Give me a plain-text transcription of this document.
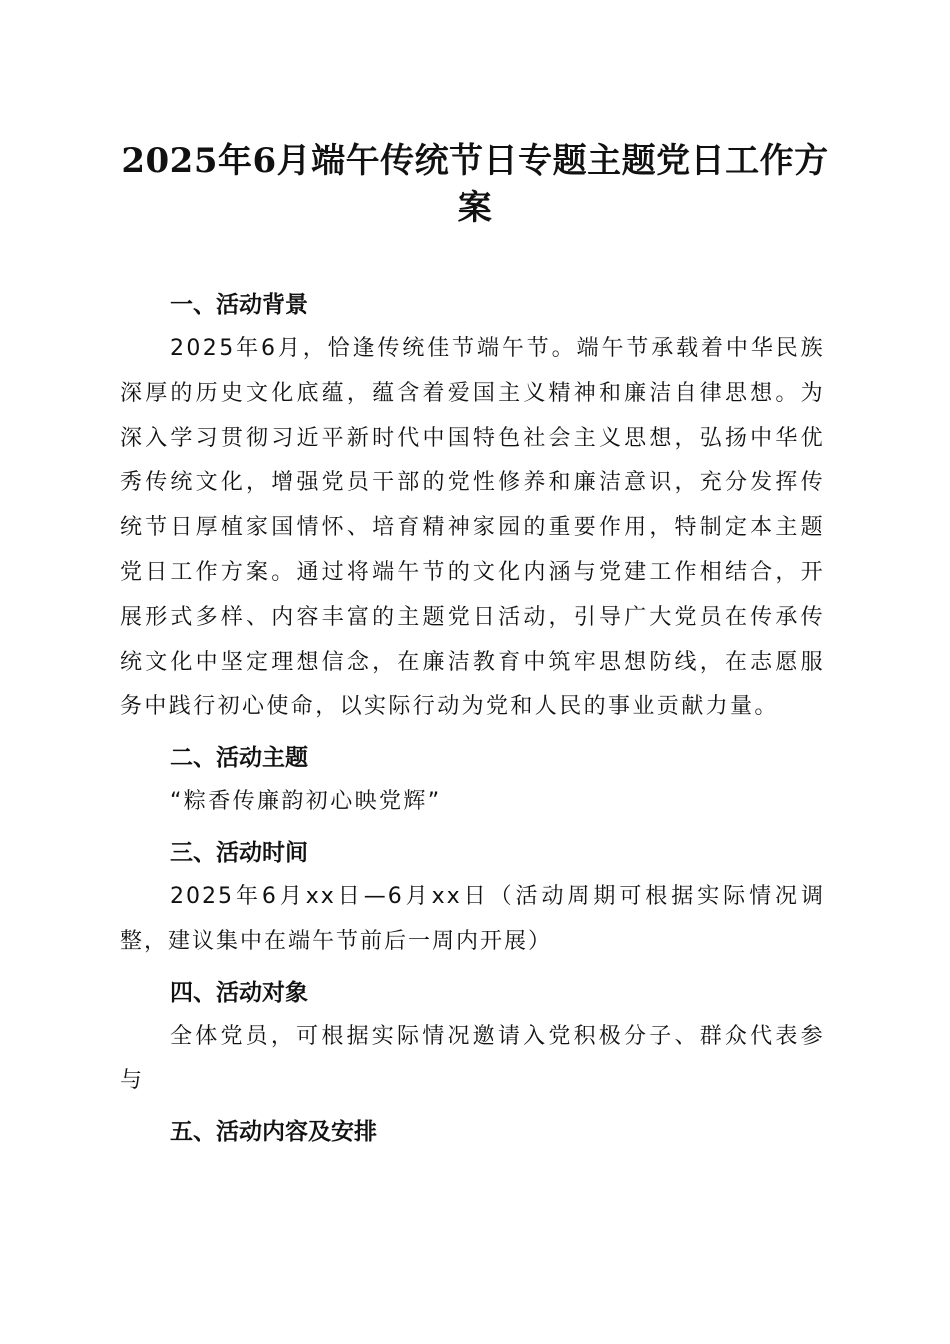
2025年6月端午传统节日专题主题党日工作方案
一、活动背景

2025年6月，恰逢传统佳节端午节。端午节承载着中华民族深厚的历史文化底蕴，蕴含着爱国主义精神和廉洁自律思想。为深入学习贯彻习近平新时代中国特色社会主义思想，弘扬中华优秀传统文化，增强党员干部的党性修养和廉洁意识，充分发挥传统节日厚植家国情怀、培育精神家园的重要作用，特制定本主题党日工作方案。通过将端午节的文化内涵与党建工作相结合，开展形式多样、内容丰富的主题党日活动，引导广大党员在传承传统文化中坚定理想信念，在廉洁教育中筑牢思想防线，在志愿服务中践行初心使命，以实际行动为党和人民的事业贡献力量。

二、活动主题

“粽香传廉韵初心映党辉”

三、活动时间

2025年6月xx日—6月xx日（活动周期可根据实际情况调整，建议集中在端午节前后一周内开展）

四、活动对象

全体党员，可根据实际情况邀请入党积极分子、群众代表参与

五、活动内容及安排
